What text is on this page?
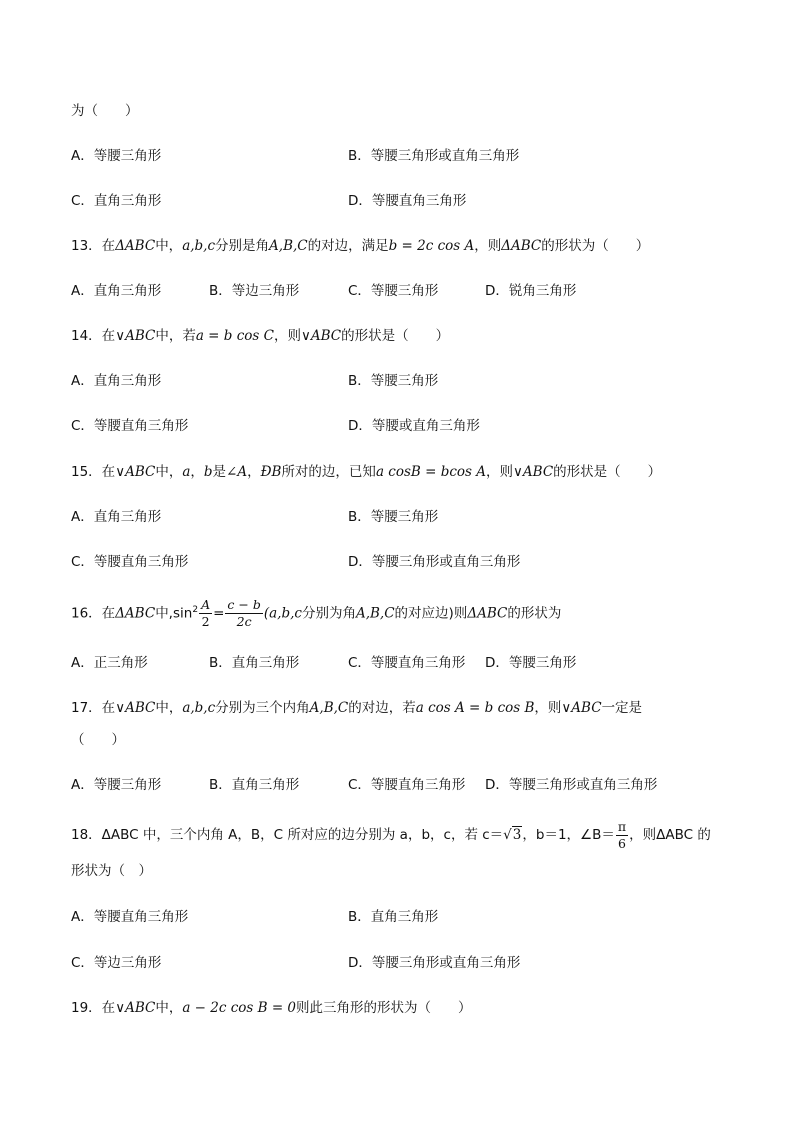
为（　　）
A．等腰三角形	B．等腰三角形或直角三角形
C．直角三角形	D．等腰直角三角形
13．在ΔABC中，a,b,c分别是角A,B,C的对边，满足b = 2c cos A，则ΔABC的形状为（　　）
A．直角三角形	B．等边三角形	C．等腰三角形	D．锐角三角形
14．在∨ABC中，若a = b cos C，则∨ABC的形状是（　　）
A．直角三角形	B．等腰三角形
C．等腰直角三角形	D．等腰或直角三角形
15．在∨ABC中，a，b是∠A，ÐB所对的边，已知a cosB = bcos A，则∨ABC的形状是（　　）
A．直角三角形	B．等腰三角形
C．等腰直角三角形	D．等腰三角形或直角三角形
16．在ΔABC中$,\sin^2 \frac{A}{2} = \frac{c - b}{2c} (a,b,c$分别为角A,B,C的对应边)则ΔABC的形状为
A．正三角形	B．直角三角形	C．等腰直角三角形 D．等腰三角形
17．在∨ABC中，a,b,c分别为三个内角A,B,C的对边，若a cos A = b cos B，则∨ABC一定是
（　　）
A．等腰三角形	B．直角三角形	C．等腰直角三角形 D．等腰三角形或直角三角形
18．ΔABC 中，三个内角 A，B，C 所对应的边分别为 a，b，c，若 c＝√3，b＝1，∠B＝ $\frac{\pi}{6}$ ，则ΔABC 的
形状为（　）
A．等腰直角三角形	B．直角三角形
C．等边三角形	D．等腰三角形或直角三角形
19．在∨ABC中，a − 2c cos B = 0则此三角形的形状为（　　）
